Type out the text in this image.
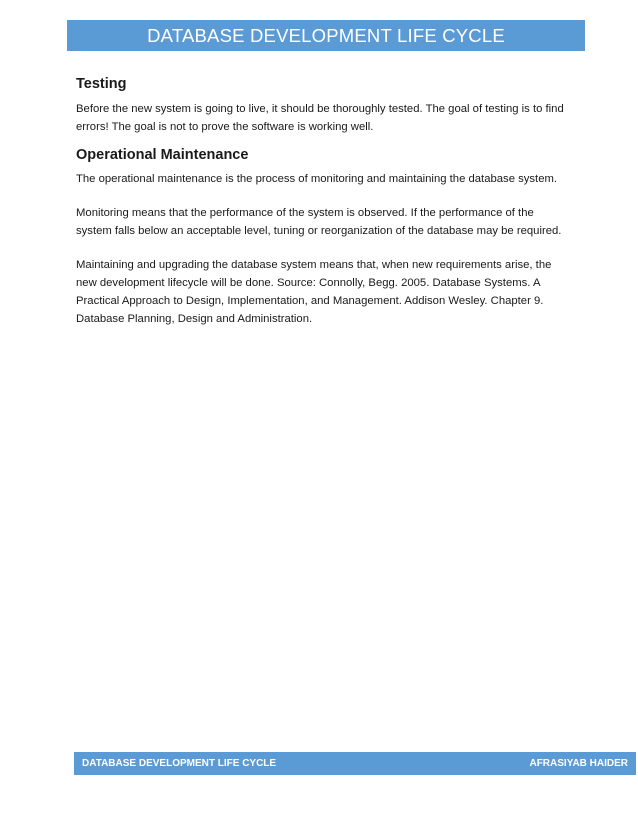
DATABASE DEVELOPMENT LIFE CYCLE
Testing

Before the new system is going to live, it should be thoroughly tested. The goal of testing is to find errors! The goal is not to prove the software is working well.

Operational Maintenance

The operational maintenance is the process of monitoring and maintaining the database system.

Monitoring means that the performance of the system is observed. If the performance of the system falls below an acceptable level, tuning or reorganization of the database may be required.

Maintaining and upgrading the database system means that, when new requirements arise, the new development lifecycle will be done. Source: Connolly, Begg. 2005. Database Systems. A Practical Approach to Design, Implementation, and Management. Addison Wesley. Chapter 9. Database Planning, Design and Administration.

DATABASE DEVELOPMENT LIFE CYCLE	AFRASIYAB HAIDER
